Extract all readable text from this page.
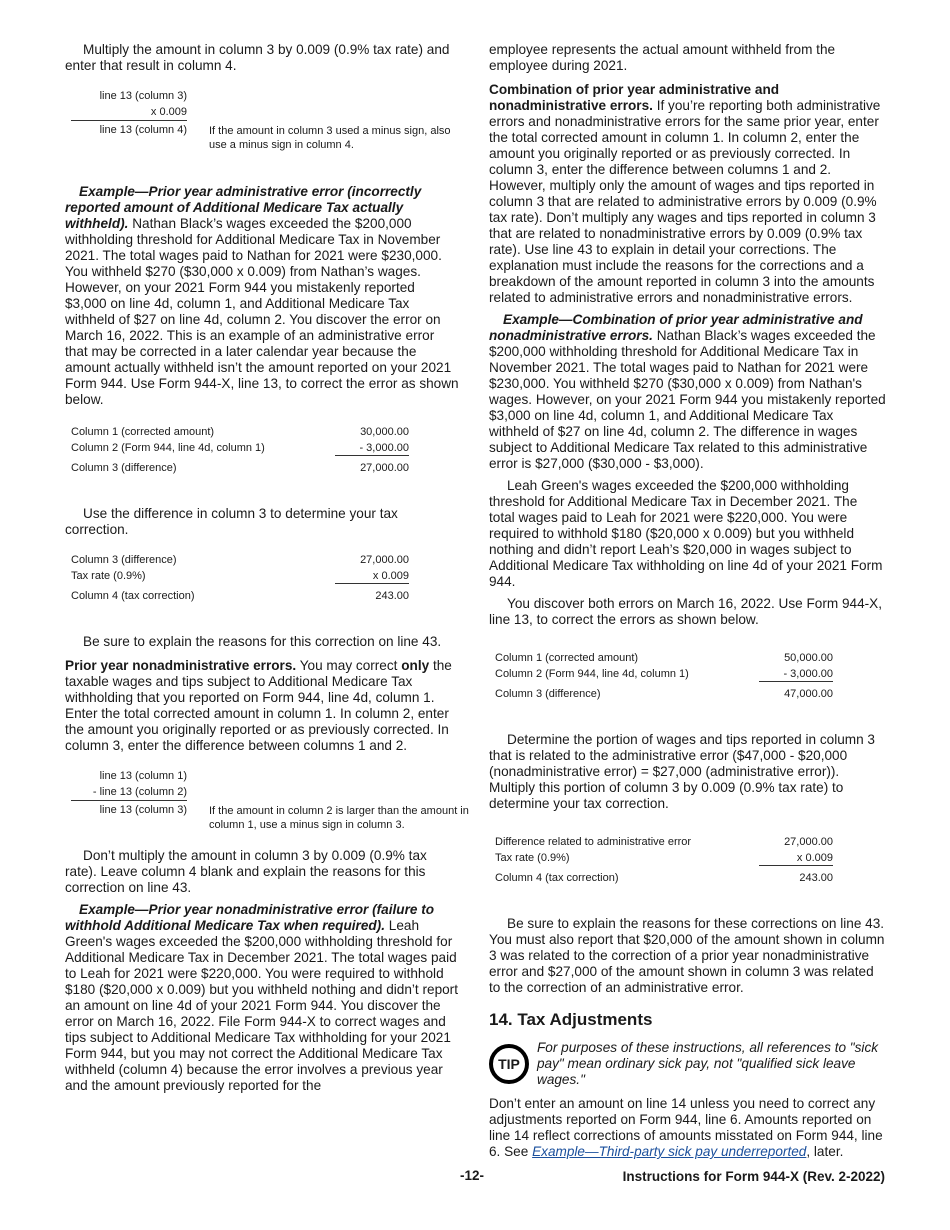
Multiply the amount in column 3 by 0.009 (0.9% tax rate) and enter that result in column 4.

line 13 (column 3)
x 0.009
line 13 (column 4) If the amount in column 3 used a minus sign, also use a minus sign in column 4.

Example—Prior year administrative error (incorrectly reported amount of Additional Medicare Tax actually withheld). Nathan Black’s wages exceeded the $200,000 withholding threshold for Additional Medicare Tax in November 2021. The total wages paid to Nathan for 2021 were $230,000. You withheld $270 ($30,000 x 0.009) from Nathan’s wages. However, on your 2021 Form 944 you mistakenly reported $3,000 on line 4d, column 1, and Additional Medicare Tax withheld of $27 on line 4d, column 2. You discover the error on March 16, 2022. This is an example of an administrative error that may be corrected in a later calendar year because the amount actually withheld isn’t the amount reported on your 2021 Form 944. Use Form 944-X, line 13, to correct the error as shown below.

Column 1 (corrected amount)	30,000.00
Column 2 (Form 944, line 4d, column 1)	- 3,000.00
Column 3 (difference)	27,000.00

Use the difference in column 3 to determine your tax correction.

Column 3 (difference)	27,000.00
Tax rate (0.9%)	x 0.009
Column 4 (tax correction)	243.00

Be sure to explain the reasons for this correction on line 43.

Prior year nonadministrative errors. You may correct only the taxable wages and tips subject to Additional Medicare Tax withholding that you reported on Form 944, line 4d, column 1. Enter the total corrected amount in column 1. In column 2, enter the amount you originally reported or as previously corrected. In column 3, enter the difference between columns 1 and 2.

line 13 (column 1)
- line 13 (column 2)
line 13 (column 3) If the amount in column 2 is larger than the amount in column 1, use a minus sign in column 3.

Don’t multiply the amount in column 3 by 0.009 (0.9% tax rate). Leave column 4 blank and explain the reasons for this correction on line 43.

Example—Prior year nonadministrative error (failure to withhold Additional Medicare Tax when required). Leah Green's wages exceeded the $200,000 withholding threshold for Additional Medicare Tax in December 2021. The total wages paid to Leah for 2021 were $220,000. You were required to withhold $180 ($20,000 x 0.009) but you withheld nothing and didn’t report an amount on line 4d of your 2021 Form 944. You discover the error on March 16, 2022. File Form 944-X to correct wages and tips subject to Additional Medicare Tax withholding for your 2021 Form 944, but you may not correct the Additional Medicare Tax withheld (column 4) because the error involves a previous year and the amount previously reported for the

employee represents the actual amount withheld from the employee during 2021.

Combination of prior year administrative and nonadministrative errors. If you’re reporting both administrative errors and nonadministrative errors for the same prior year, enter the total corrected amount in column 1. In column 2, enter the amount you originally reported or as previously corrected. In column 3, enter the difference between columns 1 and 2. However, multiply only the amount of wages and tips reported in column 3 that are related to administrative errors by 0.009 (0.9% tax rate). Don’t multiply any wages and tips reported in column 3 that are related to nonadministrative errors by 0.009 (0.9% tax rate). Use line 43 to explain in detail your corrections. The explanation must include the reasons for the corrections and a breakdown of the amount reported in column 3 into the amounts related to administrative errors and nonadministrative errors.

Example—Combination of prior year administrative and nonadministrative errors. Nathan Black’s wages exceeded the $200,000 withholding threshold for Additional Medicare Tax in November 2021. The total wages paid to Nathan for 2021 were $230,000. You withheld $270 ($30,000 x 0.009) from Nathan's wages. However, on your 2021 Form 944 you mistakenly reported $3,000 on line 4d, column 1, and Additional Medicare Tax withheld of $27 on line 4d, column 2. The difference in wages subject to Additional Medicare Tax related to this administrative error is $27,000 ($30,000 - $3,000).

Leah Green's wages exceeded the $200,000 withholding threshold for Additional Medicare Tax in December 2021. The total wages paid to Leah for 2021 were $220,000. You were required to withhold $180 ($20,000 x 0.009) but you withheld nothing and didn’t report Leah’s $20,000 in wages subject to Additional Medicare Tax withholding on line 4d of your 2021 Form 944.

You discover both errors on March 16, 2022. Use Form 944-X, line 13, to correct the errors as shown below.

Column 1 (corrected amount)	50,000.00
Column 2 (Form 944, line 4d, column 1)	- 3,000.00
Column 3 (difference)	47,000.00

Determine the portion of wages and tips reported in column 3 that is related to the administrative error ($47,000 - $20,000 (nonadministrative error) = $27,000 (administrative error)). Multiply this portion of column 3 by 0.009 (0.9% tax rate) to determine your tax correction.

Difference related to administrative error	27,000.00
Tax rate (0.9%)	x 0.009
Column 4 (tax correction)	243.00

Be sure to explain the reasons for these corrections on line 43. You must also report that $20,000 of the amount shown in column 3 was related to the correction of a prior year nonadministrative error and $27,000 of the amount shown in column 3 was related to the correction of an administrative error.

14. Tax Adjustments
TIP
For purposes of these instructions, all references to "sick pay" mean ordinary sick pay, not "qualified sick leave wages."

Don’t enter an amount on line 14 unless you need to correct any adjustments reported on Form 944, line 6. Amounts reported on line 14 reflect corrections of amounts misstated on Form 944, line 6. See Example—Third-party sick pay underreported, later.

-12-	Instructions for Form 944-X (Rev. 2-2022)
